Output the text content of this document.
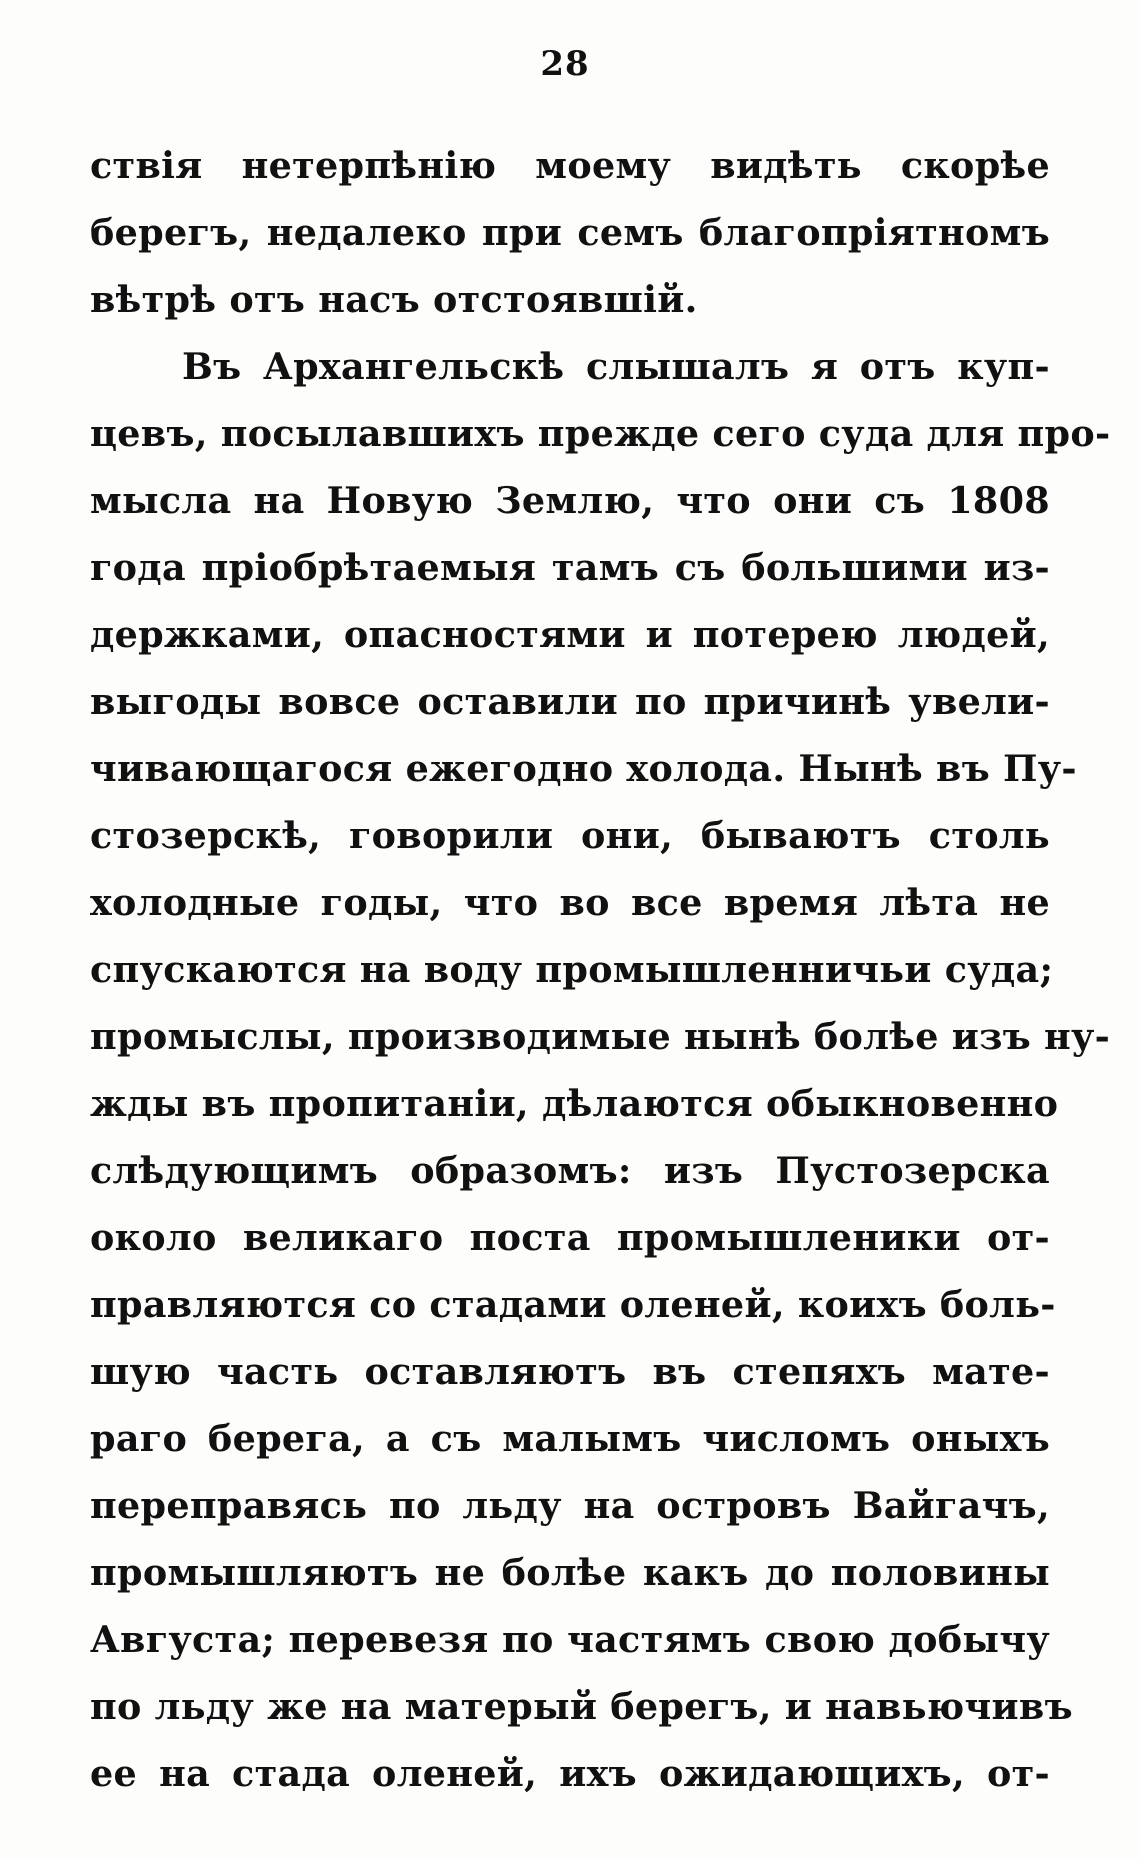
28
ствія нетерпѣнію моему видѣть скорѣе
берегъ, недалеко при семъ благопріятномъ
вѣтрѣ отъ насъ отстоявшій.
Въ Архангельскѣ слышалъ я отъ куп-
цевъ, посылавшихъ прежде сего суда для про-
мысла на Новую Землю, что они съ 1808
года пріобрѣтаемыя тамъ съ большими из-
держками, опасностями и потерею людей,
выгоды вовсе оставили по причинѣ увели-
чивающагося ежегодно холода. Нынѣ въ Пу-
стозерскѣ, говорили они, бываютъ столь
холодные годы, что во все время лѣта не
спускаются на воду промышленничьи суда;
промыслы, производимые нынѣ болѣе изъ ну-
жды въ пропитаніи, дѣлаются обыкновенно
слѣдующимъ образомъ: изъ Пустозерска
около великаго поста промышленики от-
правляются со стадами оленей, коихъ боль-
шую часть оставляютъ въ степяхъ мате-
раго берега, а съ малымъ числомъ оныхъ
переправясь по льду на островъ Вайгачъ,
промышляютъ не болѣе какъ до половины
Августа; перевезя по частямъ свою добычу
по льду же на матерый берегъ, и навьючивъ
ее на стада оленей, ихъ ожидающихъ, от-
